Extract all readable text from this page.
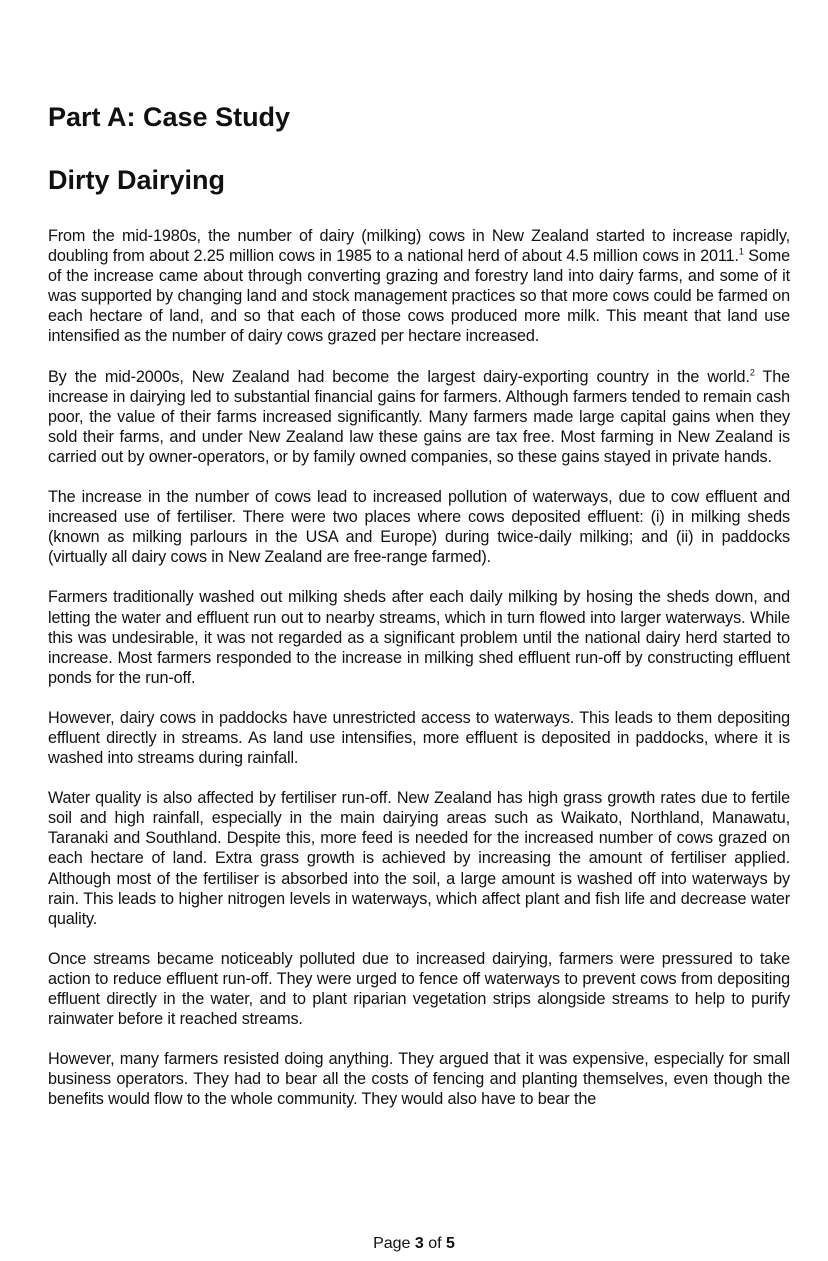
Part A: Case Study
Dirty Dairying

From the mid-1980s, the number of dairy (milking) cows in New Zealand started to increase rapidly, doubling from about 2.25 million cows in 1985 to a national herd of about 4.5 million cows in 2011.$^1$ Some of the increase came about through converting grazing and forestry land into dairy farms, and some of it was supported by changing land and stock management practices so that more cows could be farmed on each hectare of land, and so that each of those cows produced more milk. This meant that land use intensified as the number of dairy cows grazed per hectare increased.

By the mid-2000s, New Zealand had become the largest dairy-exporting country in the world.$^2$ The increase in dairying led to substantial financial gains for farmers. Although farmers tended to remain cash poor, the value of their farms increased significantly. Many farmers made large capital gains when they sold their farms, and under New Zealand law these gains are tax free. Most farming in New Zealand is carried out by owner-operators, or by family owned companies, so these gains stayed in private hands.

The increase in the number of cows lead to increased pollution of waterways, due to cow effluent and increased use of fertiliser. There were two places where cows deposited effluent: (i) in milking sheds (known as milking parlours in the USA and Europe) during twice-daily milking; and (ii) in paddocks (virtually all dairy cows in New Zealand are free-range farmed).

Farmers traditionally washed out milking sheds after each daily milking by hosing the sheds down, and letting the water and effluent run out to nearby streams, which in turn flowed into larger waterways. While this was undesirable, it was not regarded as a significant problem until the national dairy herd started to increase. Most farmers responded to the increase in milking shed effluent run-off by constructing effluent ponds for the run-off.

However, dairy cows in paddocks have unrestricted access to waterways. This leads to them depositing effluent directly in streams. As land use intensifies, more effluent is deposited in paddocks, where it is washed into streams during rainfall.

Water quality is also affected by fertiliser run-off. New Zealand has high grass growth rates due to fertile soil and high rainfall, especially in the main dairying areas such as Waikato, Northland, Manawatu, Taranaki and Southland. Despite this, more feed is needed for the increased number of cows grazed on each hectare of land. Extra grass growth is achieved by increasing the amount of fertiliser applied. Although most of the fertiliser is absorbed into the soil, a large amount is washed off into waterways by rain. This leads to higher nitrogen levels in waterways, which affect plant and fish life and decrease water quality.

Once streams became noticeably polluted due to increased dairying, farmers were pressured to take action to reduce effluent run-off. They were urged to fence off waterways to prevent cows from depositing effluent directly in the water, and to plant riparian vegetation strips alongside streams to help to purify rainwater before it reached streams.

However, many farmers resisted doing anything. They argued that it was expensive, especially for small business operators. They had to bear all the costs of fencing and planting themselves, even though the benefits would flow to the whole community. They would also have to bear the

Page 3 of 5
